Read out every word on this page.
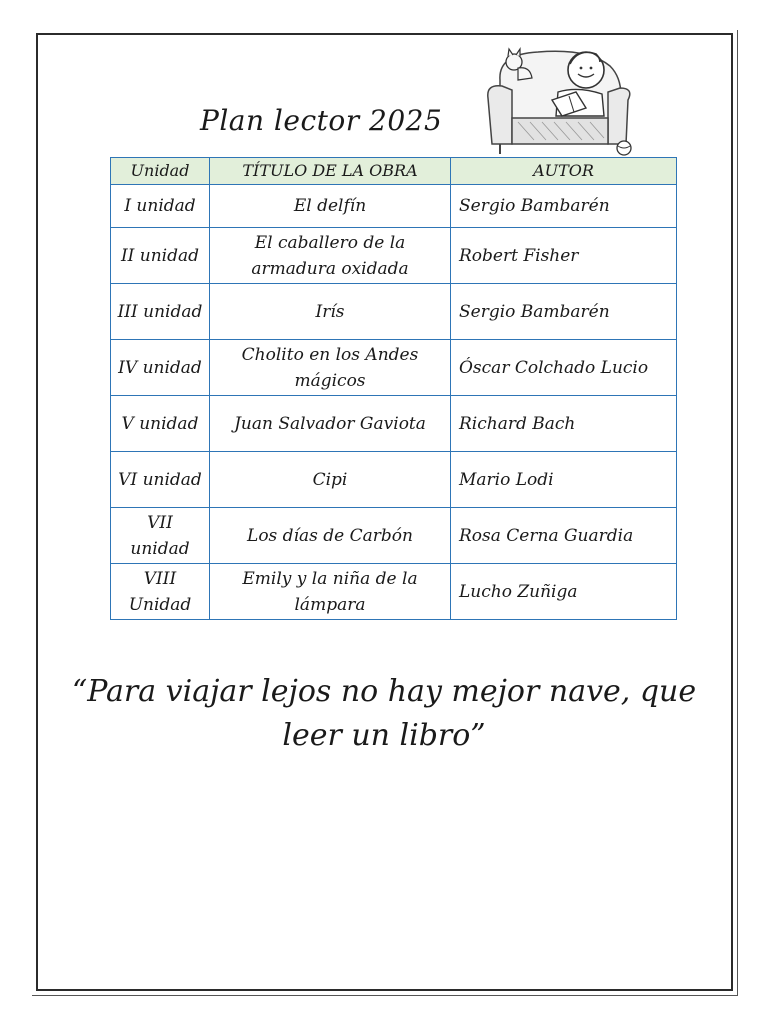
Plan lector 2025
Unidad	TÍTULO DE LA OBRA	AUTOR
I unidad	El delfín	Sergio Bambarén
II unidad	El caballero de la armadura oxidada	Robert Fisher
III unidad	Irís	Sergio Bambarén
IV unidad	Cholito en los Andes mágicos	Óscar Colchado Lucio
V unidad	Juan Salvador Gaviota	Richard Bach
VI unidad	Cipi	Mario Lodi
VII unidad	Los días de Carbón	Rosa Cerna Guardia
VIII Unidad	Emily y la niña de la lámpara	Lucho Zuñiga
“Para viajar lejos no hay mejor nave, que leer un libro”
